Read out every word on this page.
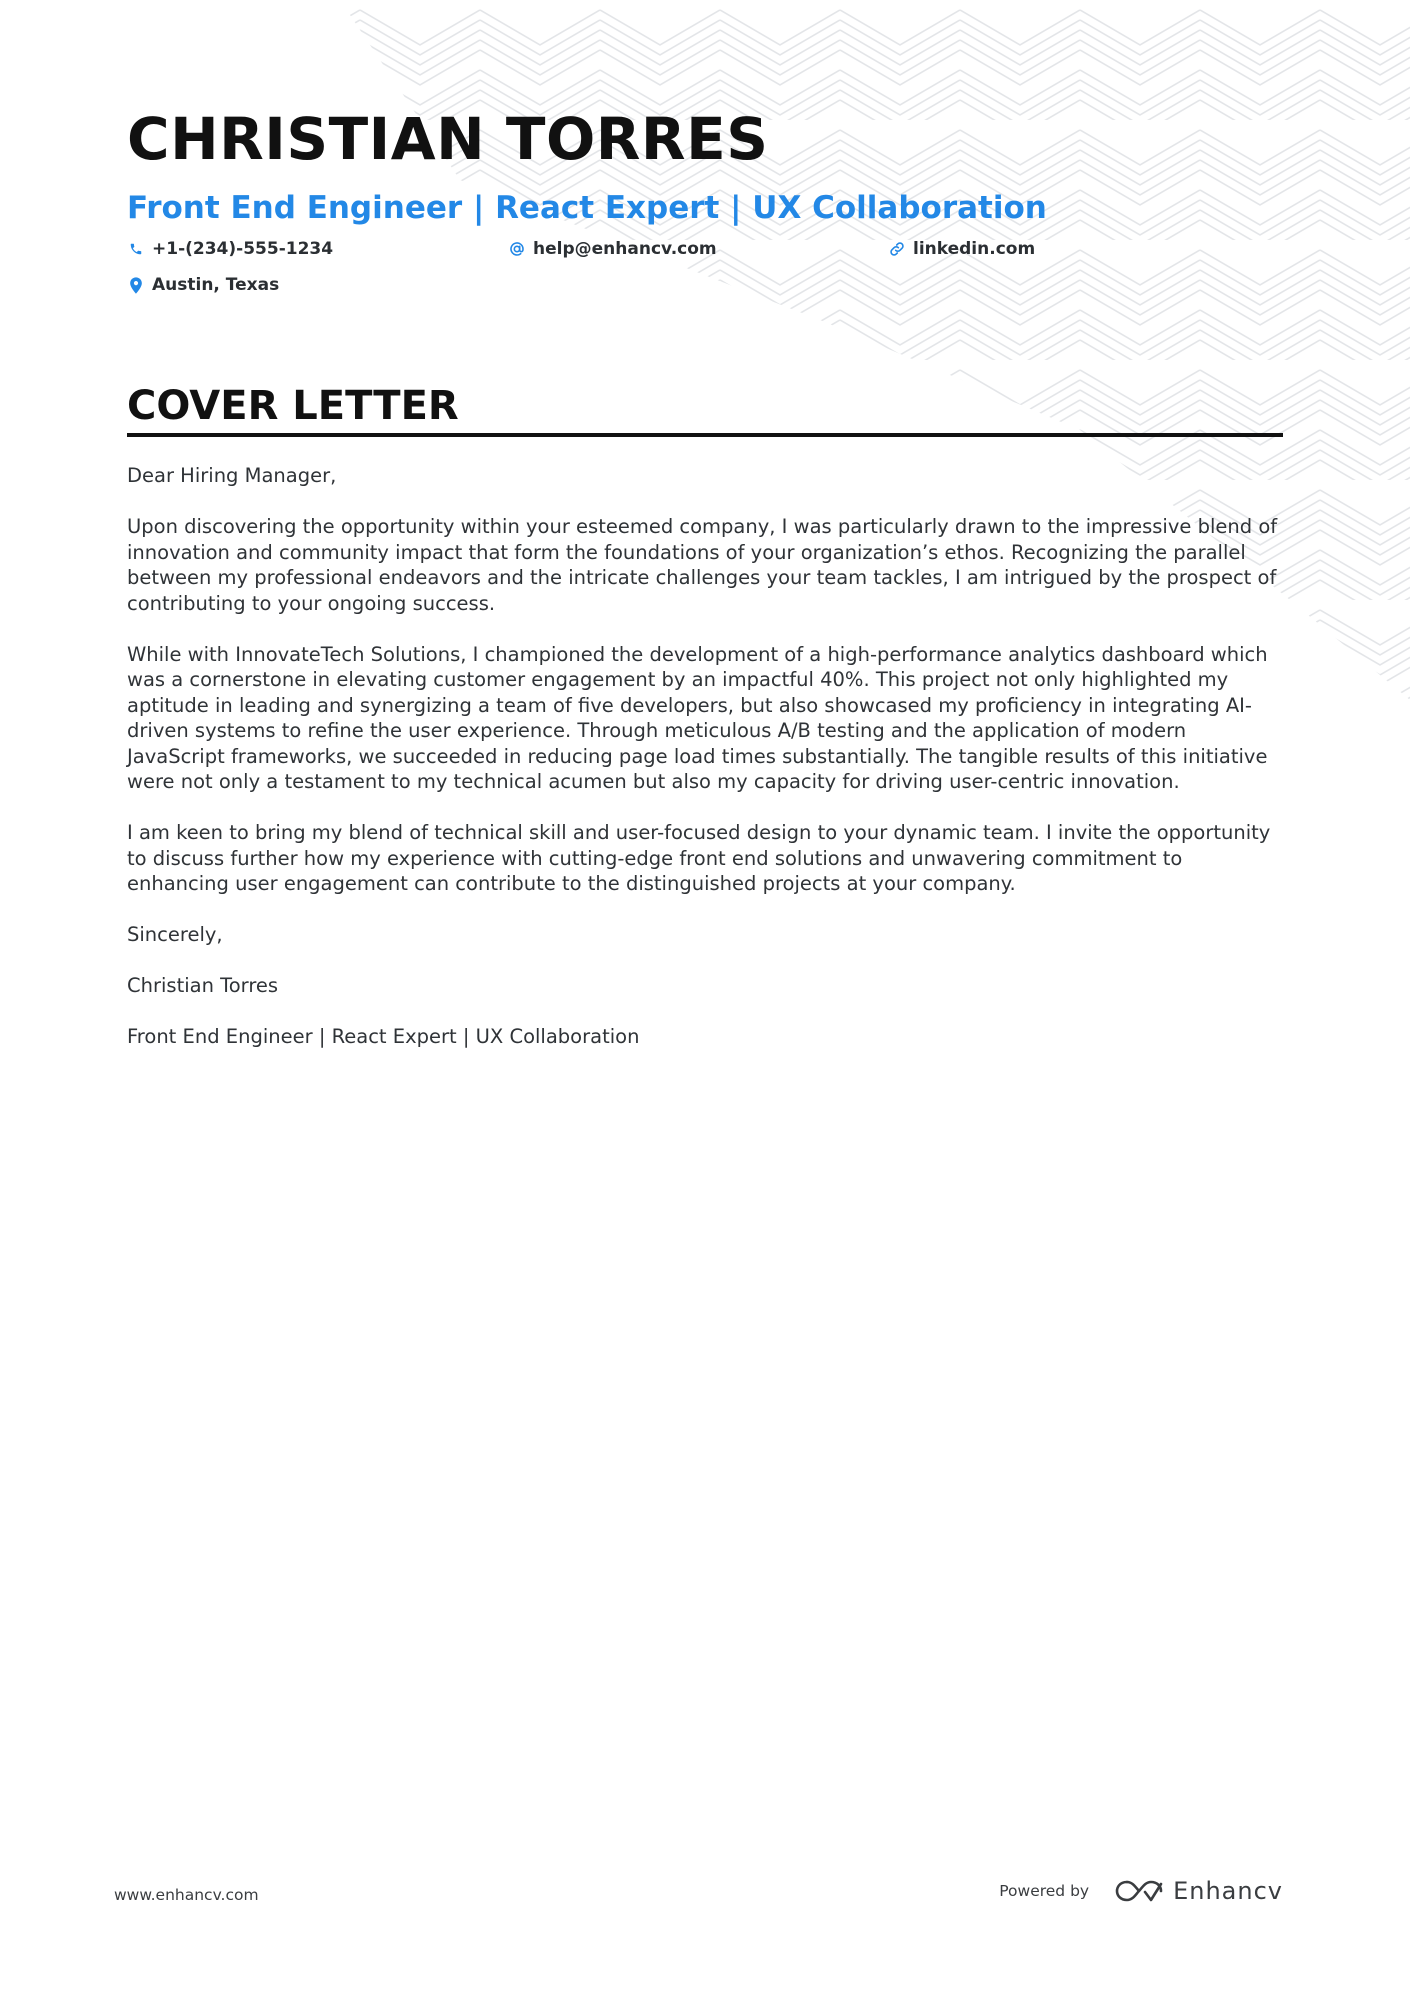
CHRISTIAN TORRES
Front End Engineer | React Expert | UX Collaboration
+1-(234)-555-1234	help@enhancv.com	linkedin.com
Austin, Texas
COVER LETTER

Dear Hiring Manager,

Upon discovering the opportunity within your esteemed company, I was particularly drawn to the impressive blend of innovation and community impact that form the foundations of your organization’s ethos. Recognizing the parallel between my professional endeavors and the intricate challenges your team tackles, I am intrigued by the prospect of contributing to your ongoing success.

While with InnovateTech Solutions, I championed the development of a high-performance analytics dashboard which was a cornerstone in elevating customer engagement by an impactful 40%. This project not only highlighted my aptitude in leading and synergizing a team of five developers, but also showcased my proficiency in integrating AI-driven systems to refine the user experience. Through meticulous A/B testing and the application of modern JavaScript frameworks, we succeeded in reducing page load times substantially. The tangible results of this initiative were not only a testament to my technical acumen but also my capacity for driving user-centric innovation.

I am keen to bring my blend of technical skill and user-focused design to your dynamic team. I invite the opportunity to discuss further how my experience with cutting-edge front end solutions and unwavering commitment to enhancing user engagement can contribute to the distinguished projects at your company.

Sincerely,

Christian Torres

Front End Engineer | React Expert | UX Collaboration

www.enhancv.com	Powered by	Enhancv
